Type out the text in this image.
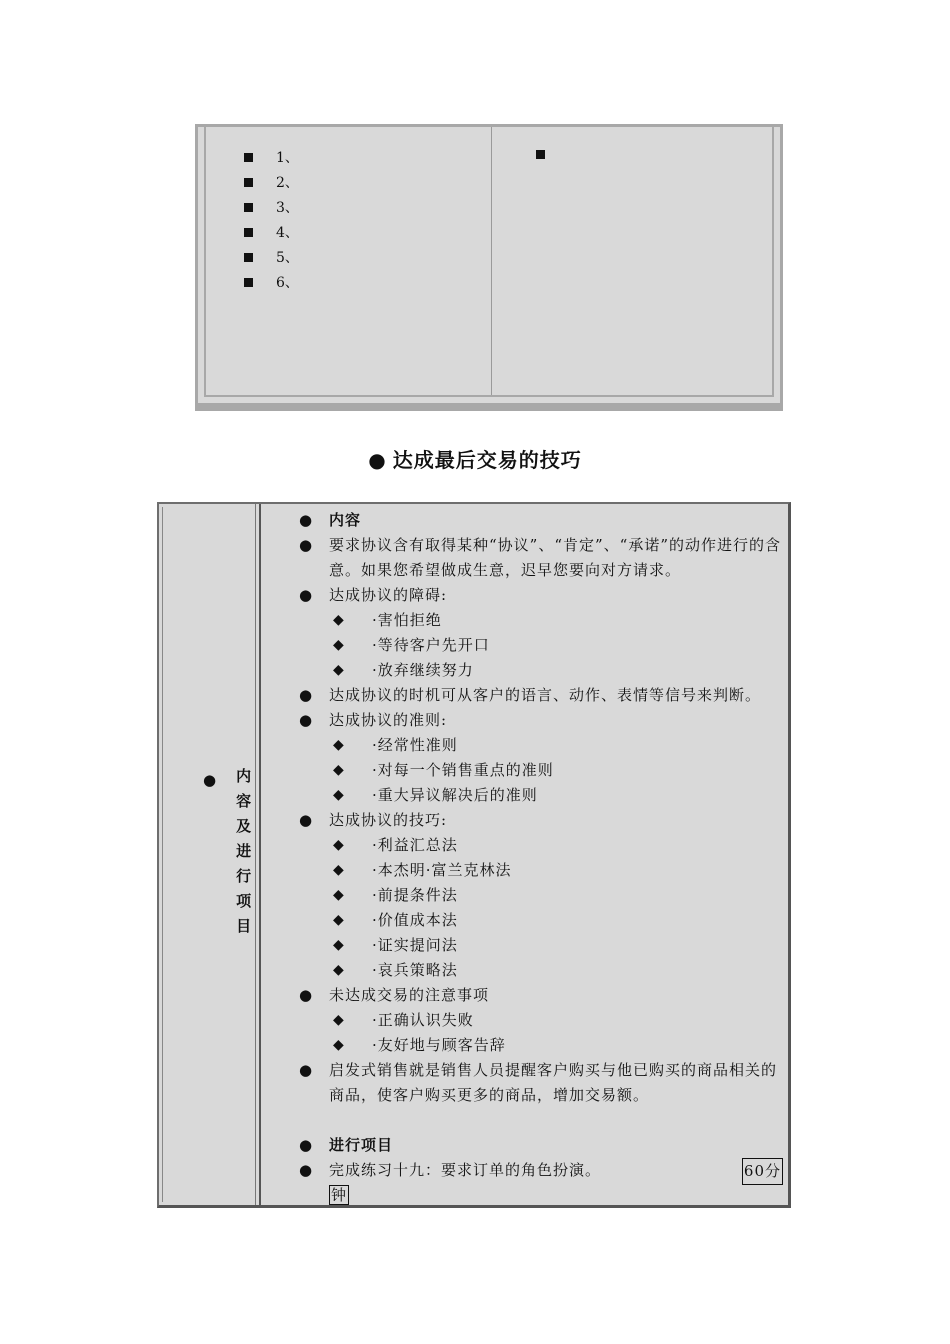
1、
2、
3、
4、
5、
6、
● 达成最后交易的技巧
● 内容及进行项目
● 内容
● 要求协议含有取得某种“协议”、“肯定”、“承诺”的动作进行的含意。如果您希望做成生意，迟早您要向对方请求。
● 达成协议的障碍:
◆ ·害怕拒绝
◆ ·等待客户先开口
◆ ·放弃继续努力
● 达成协议的时机可从客户的语言、动作、表情等信号来判断。
● 达成协议的准则:
◆ ·经常性准则
◆ ·对每一个销售重点的准则
◆ ·重大异议解决后的准则
● 达成协议的技巧:
◆ ·利益汇总法
◆ ·本杰明·富兰克林法
◆ ·前提条件法
◆ ·价值成本法
◆ ·证实提问法
◆ ·哀兵策略法
● 未达成交易的注意事项
◆ ·正确认识失败
◆ ·友好地与顾客告辞
● 启发式销售就是销售人员提醒客户购买与他已购买的商品相关的商品，使客户购买更多的商品，增加交易额。
● 进行项目
● 完成练习十九：要求订单的角色扮演。	60分
钟
